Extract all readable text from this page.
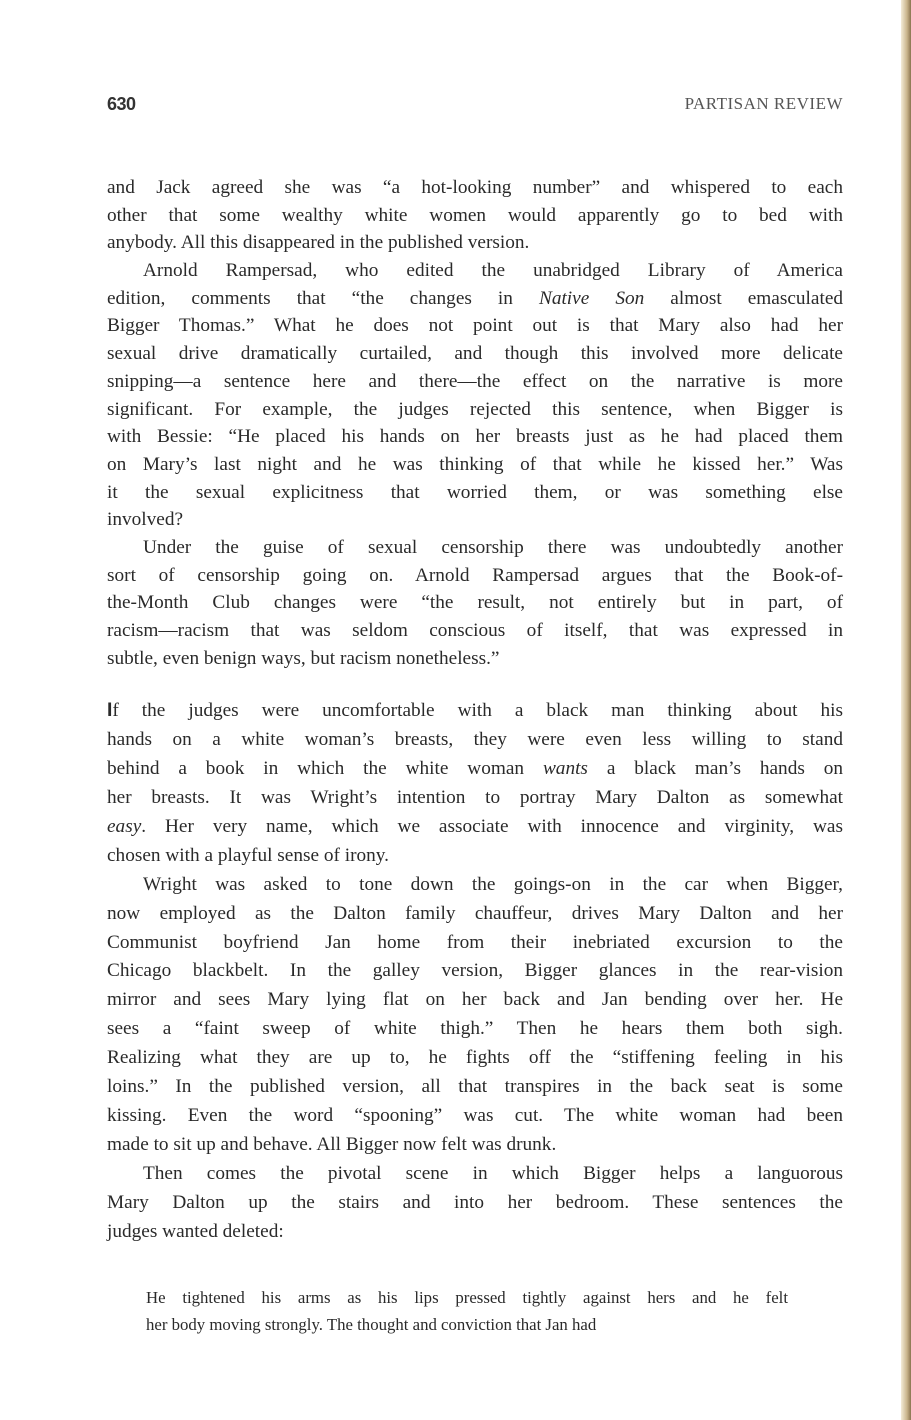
630	PARTISAN REVIEW
and Jack agreed she was “a hot-looking number” and whispered to each
other that some wealthy white women would apparently go to bed with
anybody. All this disappeared in the published version.
Arnold Rampersad, who edited the unabridged Library of America
edition, comments that “the changes in Native Son almost emasculated
Bigger Thomas.” What he does not point out is that Mary also had her
sexual drive dramatically curtailed, and though this involved more delicate
snipping—a sentence here and there—the effect on the narrative is more
significant. For example, the judges rejected this sentence, when Bigger is
with Bessie: “He placed his hands on her breasts just as he had placed them
on Mary’s last night and he was thinking of that while he kissed her.” Was
it the sexual explicitness that worried them, or was something else
involved?
Under the guise of sexual censorship there was undoubtedly another
sort of censorship going on. Arnold Rampersad argues that the Book-of-
the-Month Club changes were “the result, not entirely but in part, of
racism—racism that was seldom conscious of itself, that was expressed in
subtle, even benign ways, but racism nonetheless.”
If the judges were uncomfortable with a black man thinking about his
hands on a white woman’s breasts, they were even less willing to stand
behind a book in which the white woman wants a black man’s hands on
her breasts. It was Wright’s intention to portray Mary Dalton as somewhat
easy. Her very name, which we associate with innocence and virginity, was
chosen with a playful sense of irony.
Wright was asked to tone down the goings-on in the car when Bigger,
now employed as the Dalton family chauffeur, drives Mary Dalton and her
Communist boyfriend Jan home from their inebriated excursion to the
Chicago blackbelt. In the galley version, Bigger glances in the rear-vision
mirror and sees Mary lying flat on her back and Jan bending over her. He
sees a “faint sweep of white thigh.” Then he hears them both sigh.
Realizing what they are up to, he fights off the “stiffening feeling in his
loins.” In the published version, all that transpires in the back seat is some
kissing. Even the word “spooning” was cut. The white woman had been
made to sit up and behave. All Bigger now felt was drunk.
Then comes the pivotal scene in which Bigger helps a languorous
Mary Dalton up the stairs and into her bedroom. These sentences the
judges wanted deleted:
He tightened his arms as his lips pressed tightly against hers and he felt
her body moving strongly. The thought and conviction that Jan had
